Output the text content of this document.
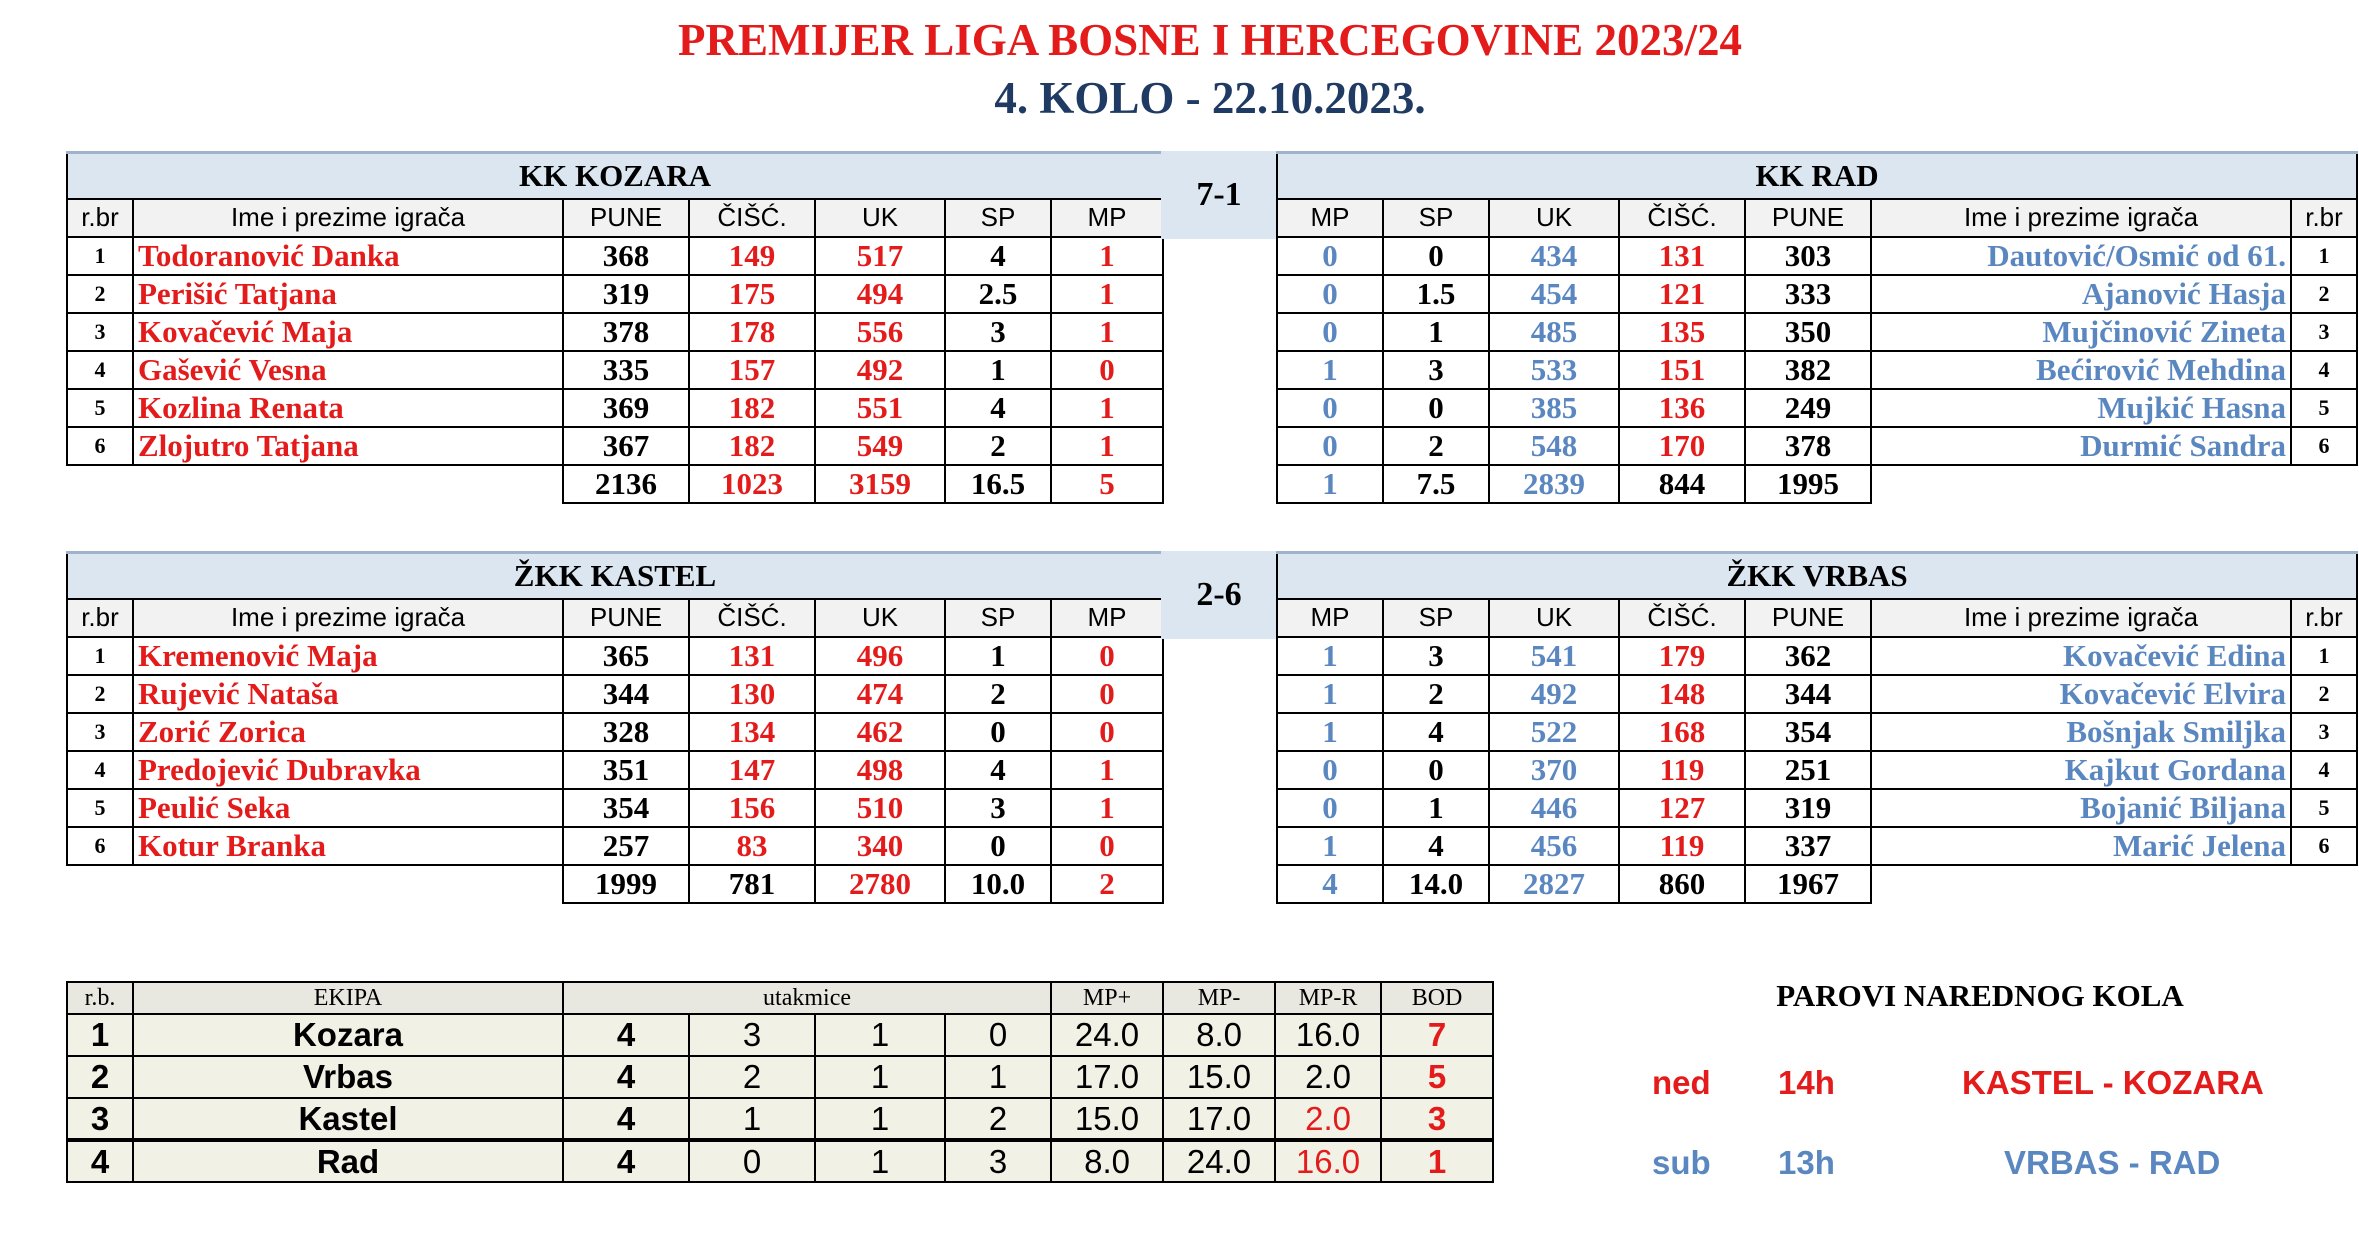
PREMIJER LIGA BOSNE I HERCEGOVINE 2023/24
4. KOLO - 22.10.2023.
KK KOZARA						
r.br	Ime i prezime igrača	PUNE	ČIŠĆ.	UK	SP	MP
1	Todoranović Danka	368	149	517	4	1
2	Perišić Tatjana	319	175	494	2.5	1
3	Kovačević Maja	378	178	556	3	1
4	Gašević Vesna	335	157	492	1	0
5	Kozlina Renata	369	182	551	4	1
6	Zlojutro Tatjana	367	182	549	2	1
		2136	1023	3159	16.5	5
7-1
KK RAD						
MP	SP	UK	ČIŠĆ.	PUNE	Ime i prezime igrača	r.br
0	0	434	131	303	Dautović/Osmić od 61.	1
0	1.5	454	121	333	Ajanović Hasja	2
0	1	485	135	350	Mujčinović Zineta	3
1	3	533	151	382	Bećirović Mehdina	4
0	0	385	136	249	Mujkić Hasna	5
0	2	548	170	378	Durmić Sandra	6
1	7.5	2839	844	1995		
ŽKK KASTEL						
r.br	Ime i prezime igrača	PUNE	ČIŠĆ.	UK	SP	MP
1	Kremenović Maja	365	131	496	1	0
2	Rujević Nataša	344	130	474	2	0
3	Zorić Zorica	328	134	462	0	0
4	Predojević Dubravka	351	147	498	4	1
5	Peulić Seka	354	156	510	3	1
6	Kotur Branka	257	83	340	0	0
		1999	781	2780	10.0	2
2-6
ŽKK VRBAS						
MP	SP	UK	ČIŠĆ.	PUNE	Ime i prezime igrača	r.br
1	3	541	179	362	Kovačević Edina	1
1	2	492	148	344	Kovačević Elvira	2
1	4	522	168	354	Bošnjak Smiljka	3
0	0	370	119	251	Kajkut Gordana	4
0	1	446	127	319	Bojanić Biljana	5
1	4	456	119	337	Marić Jelena	6
4	14.0	2827	860	1967		
r.b.	EKIPA	utakmice				MP+	MP-	MP-R	BOD
1	Kozara	4	3	1	0	24.0	8.0	16.0	7
2	Vrbas	4	2	1	1	17.0	15.0	2.0	5
3	Kastel	4	1	1	2	15.0	17.0	2.0	3
4	Rad	4	0	1	3	8.0	24.0	16.0	1
PAROVI NAREDNOG KOLA
ned 14h	KASTEL - KOZARA
sub 13h	VRBAS - RAD
